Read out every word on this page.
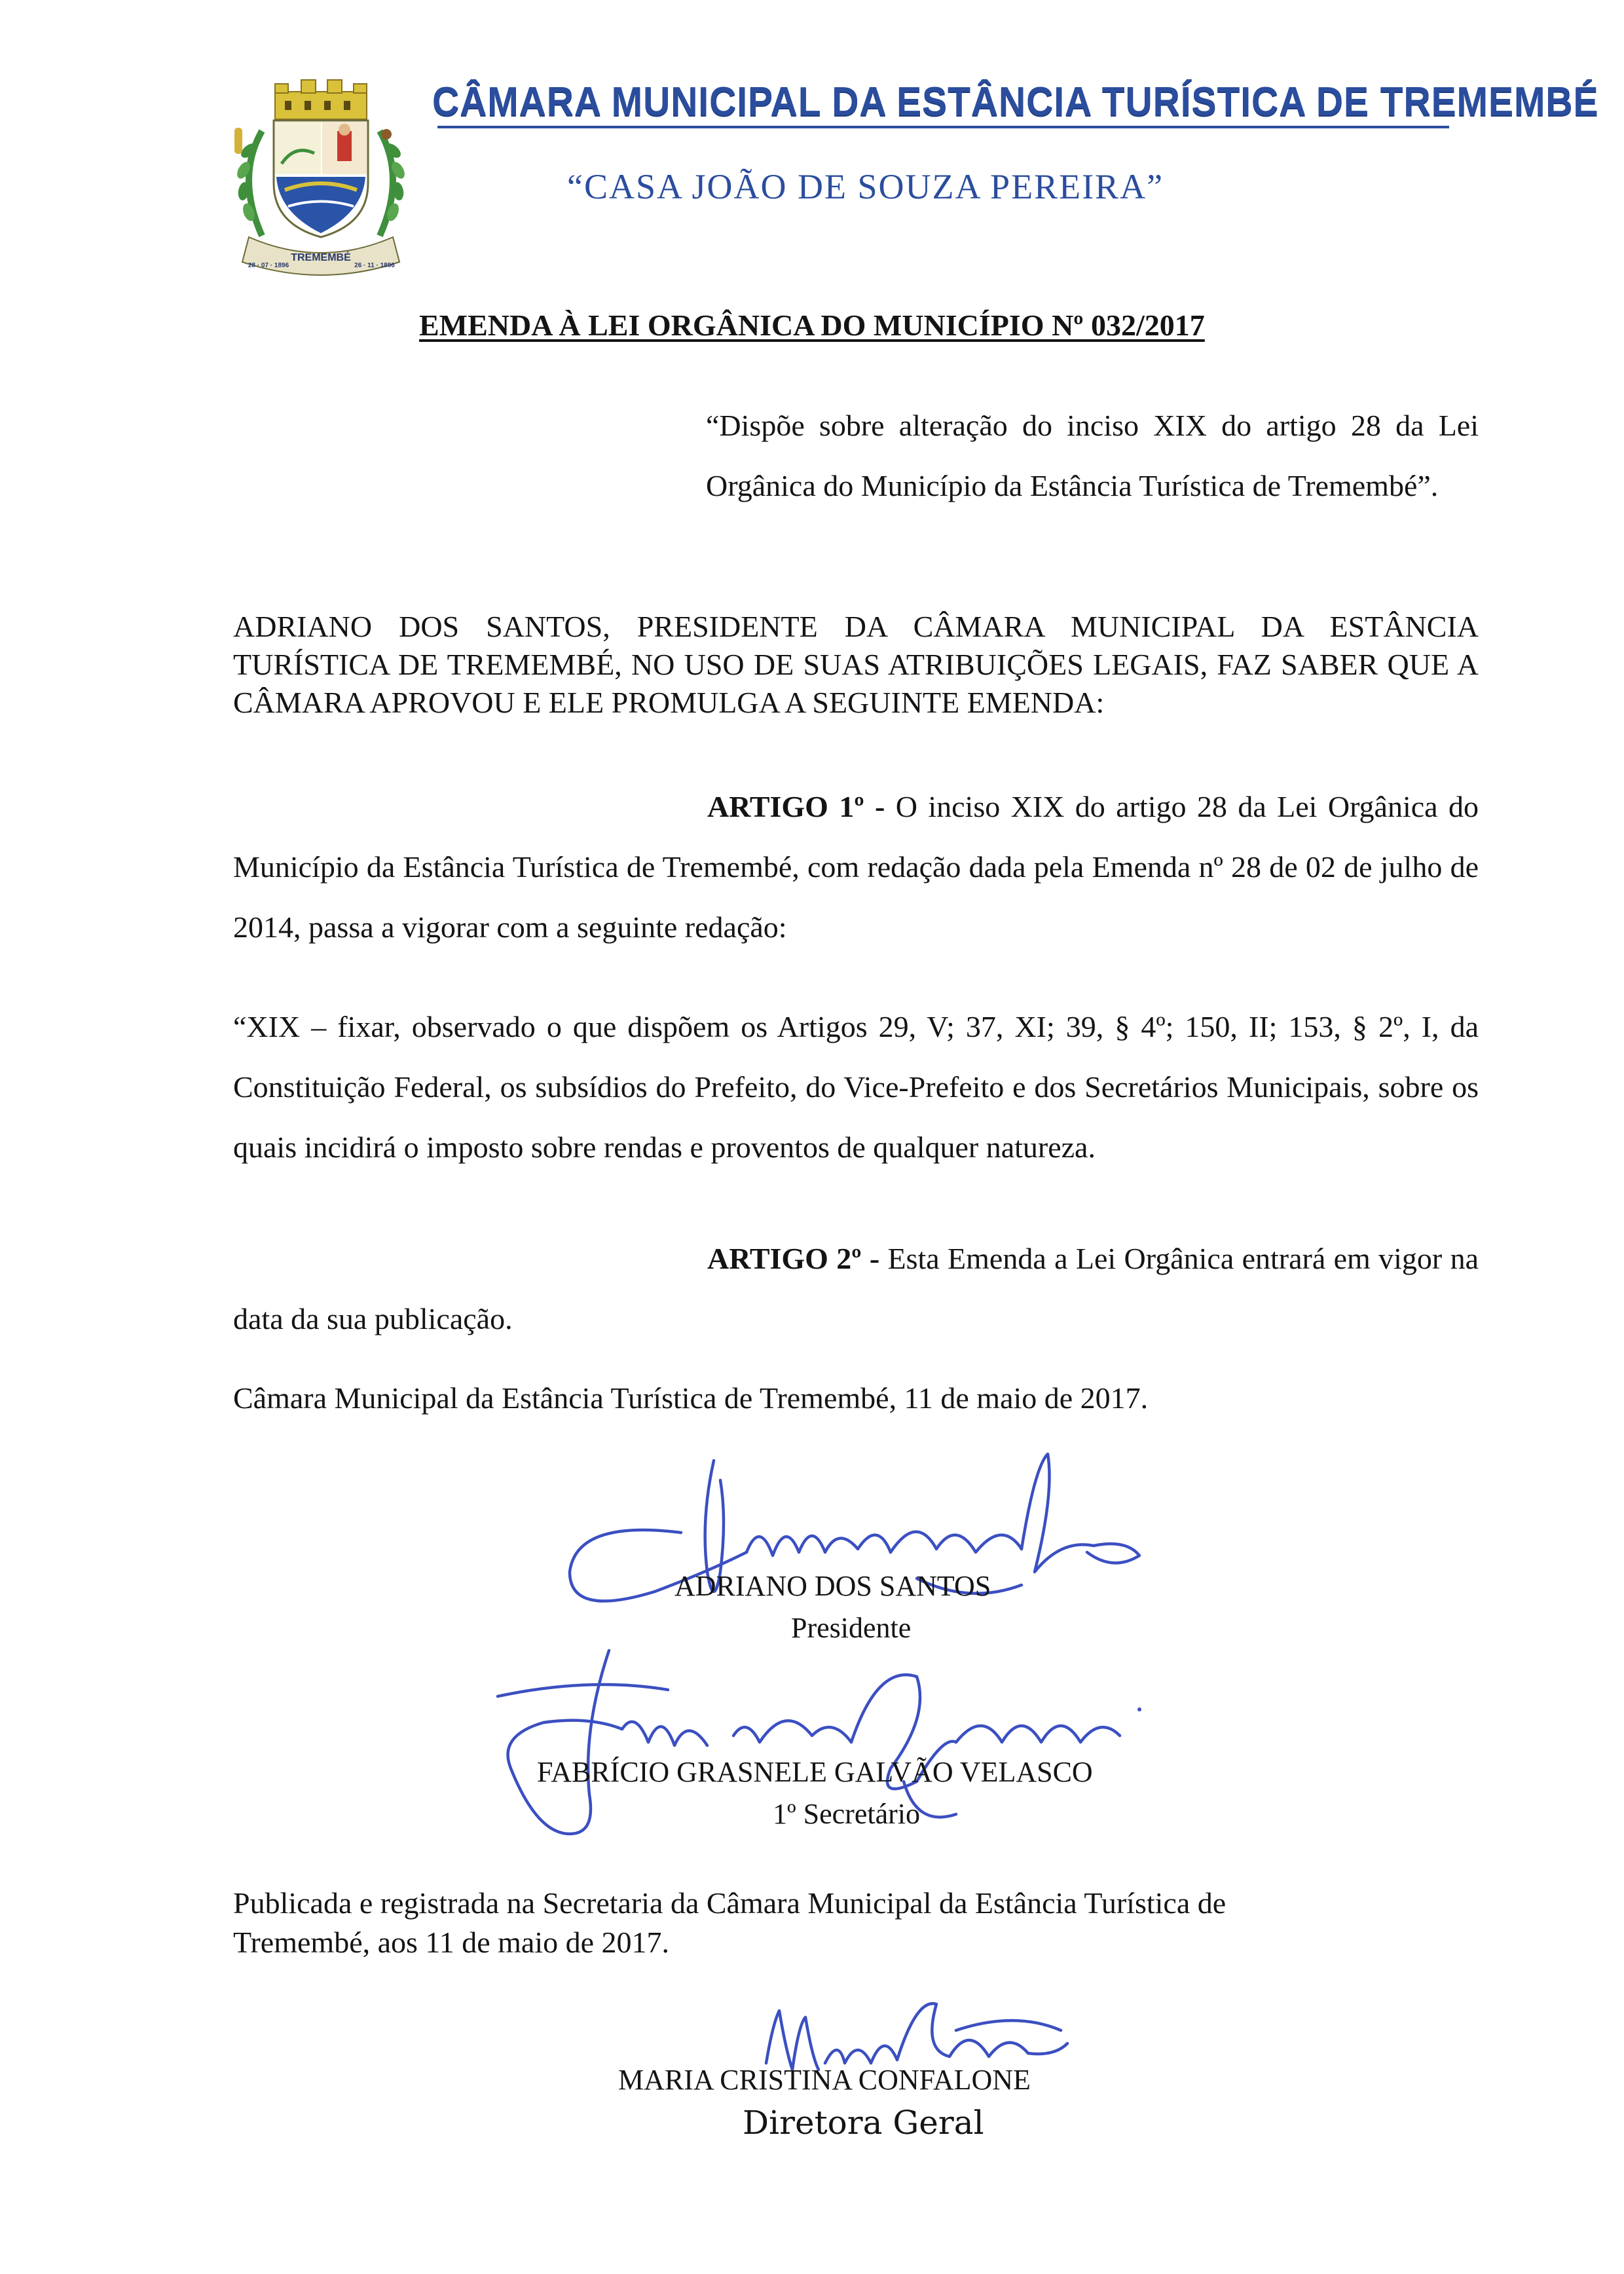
TREMEMBÉ
28 · 07 · 1896	26 · 11 · 1896
CÂMARA MUNICIPAL DA ESTÂNCIA TURÍSTICA DE TREMEMBÉ
“CASA JOÃO DE SOUZA PEREIRA”
EMENDA À LEI ORGÂNICA DO MUNICÍPIO Nº 032/2017
“Dispõe sobre alteração do inciso XIX do artigo 28 da Lei Orgânica do Município da Estância Turística de Tremembé”.
ADRIANO DOS SANTOS, PRESIDENTE DA CÂMARA MUNICIPAL DA ESTÂNCIA TURÍSTICA DE TREMEMBÉ, NO USO DE SUAS ATRIBUIÇÕES LEGAIS, FAZ SABER QUE A CÂMARA APROVOU E ELE PROMULGA A SEGUINTE EMENDA:
ARTIGO 1º - O inciso XIX do artigo 28 da Lei Orgânica do Município da Estância Turística de Tremembé, com redação dada pela Emenda nº 28 de 02 de julho de 2014, passa a vigorar com a seguinte redação:
“XIX – fixar, observado o que dispõem os Artigos 29, V; 37, XI; 39, § 4º; 150, II; 153, § 2º, I, da Constituição Federal, os subsídios do Prefeito, do Vice-Prefeito e dos Secretários Municipais, sobre os quais incidirá o imposto sobre rendas e proventos de qualquer natureza.
ARTIGO 2º - Esta Emenda a Lei Orgânica entrará em vigor na data da sua publicação.
Câmara Municipal da Estância Turística de Tremembé, 11 de maio de 2017.
ADRIANO DOS SANTOS
Presidente
FABRÍCIO GRASNELE GALVÃO VELASCO
1º Secretário
Publicada e registrada na Secretaria da Câmara Municipal da Estância Turística de Tremembé, aos 11 de maio de 2017.
MARIA CRISTINA CONFALONE
Diretora Geral
